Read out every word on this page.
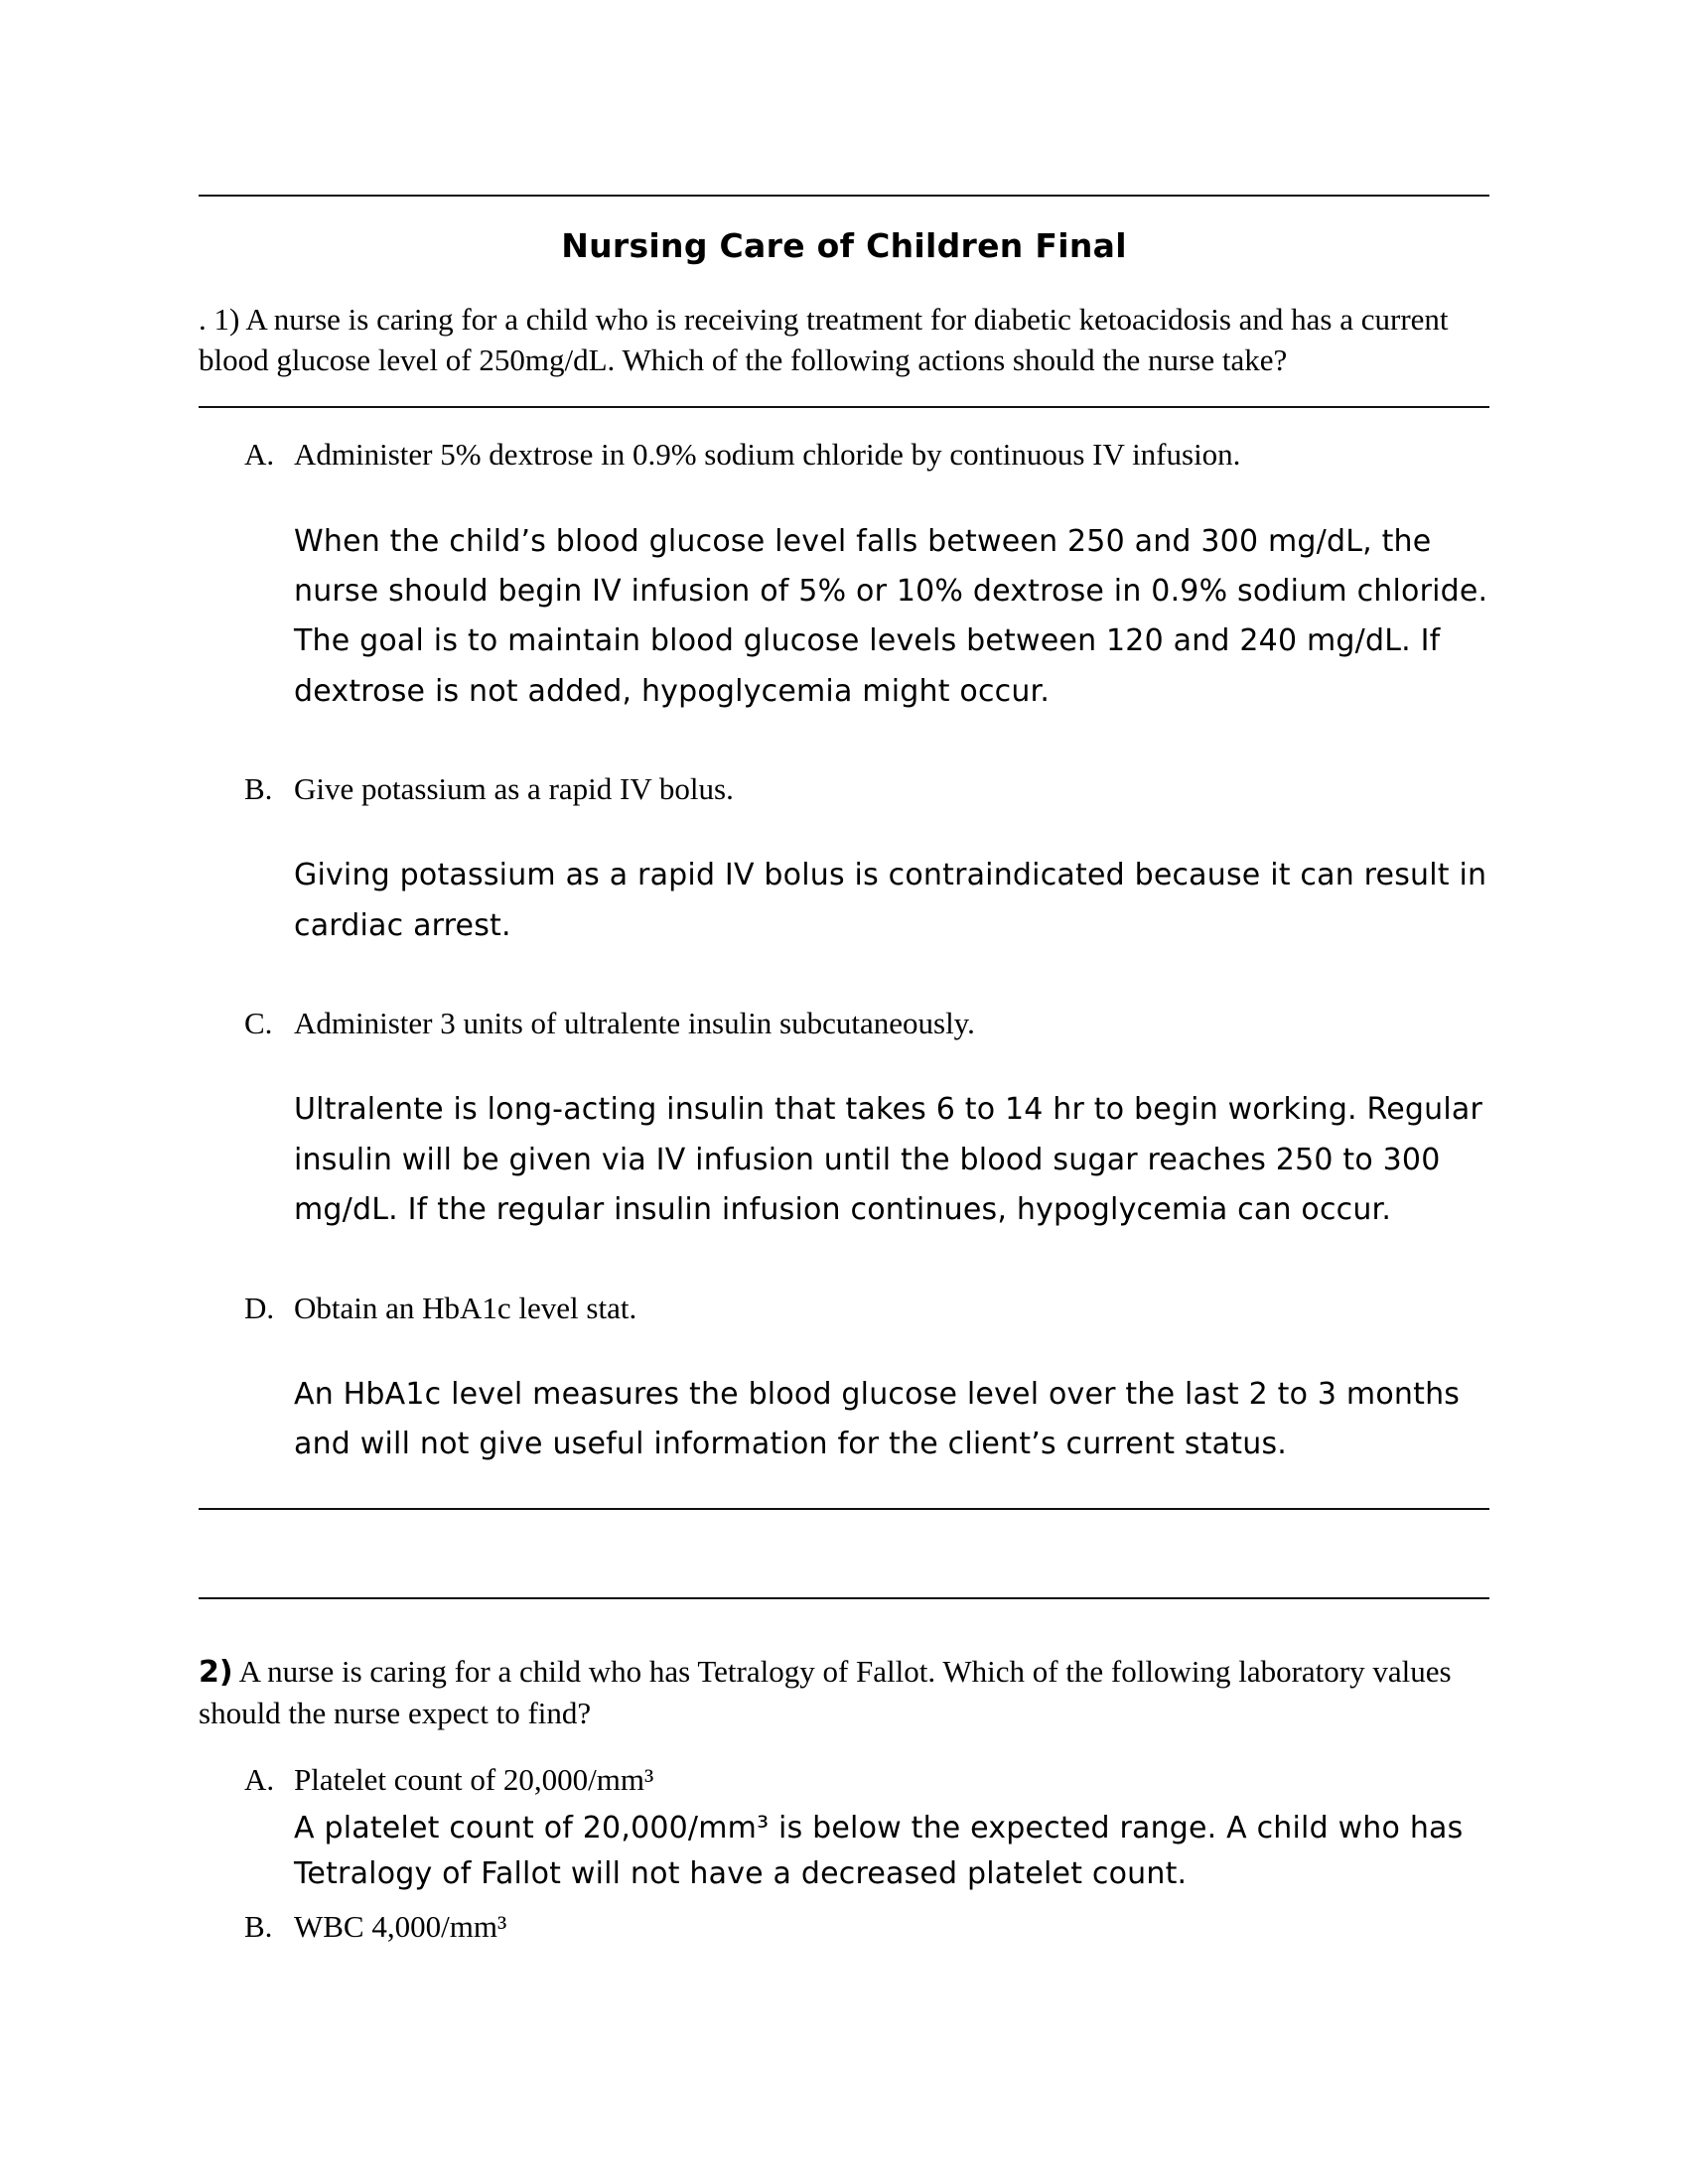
Nursing Care of Children Final

. 1) A nurse is caring for a child who is receiving treatment for diabetic ketoacidosis and has a current blood glucose level of 250mg/dL. Which of the following actions should the nurse take?

A. Administer 5% dextrose in 0.9% sodium chloride by continuous IV infusion.

When the child’s blood glucose level falls between 250 and 300 mg/dL, the nurse should begin IV infusion of 5% or 10% dextrose in 0.9% sodium chloride. The goal is to maintain blood glucose levels between 120 and 240 mg/dL. If dextrose is not added, hypoglycemia might occur.

B. Give potassium as a rapid IV bolus.

Giving potassium as a rapid IV bolus is contraindicated because it can result in cardiac arrest.

C. Administer 3 units of ultralente insulin subcutaneously.

Ultralente is long-acting insulin that takes 6 to 14 hr to begin working. Regular insulin will be given via IV infusion until the blood sugar reaches 250 to 300 mg/dL. If the regular insulin infusion continues, hypoglycemia can occur.

D. Obtain an HbA1c level stat.

An HbA1c level measures the blood glucose level over the last 2 to 3 months and will not give useful information for the client’s current status.

2) A nurse is caring for a child who has Tetralogy of Fallot. Which of the following laboratory values should the nurse expect to find?

A. Platelet count of 20,000/mm³

A platelet count of 20,000/mm³ is below the expected range. A child who has Tetralogy of Fallot will not have a decreased platelet count.

B. WBC 4,000/mm³
